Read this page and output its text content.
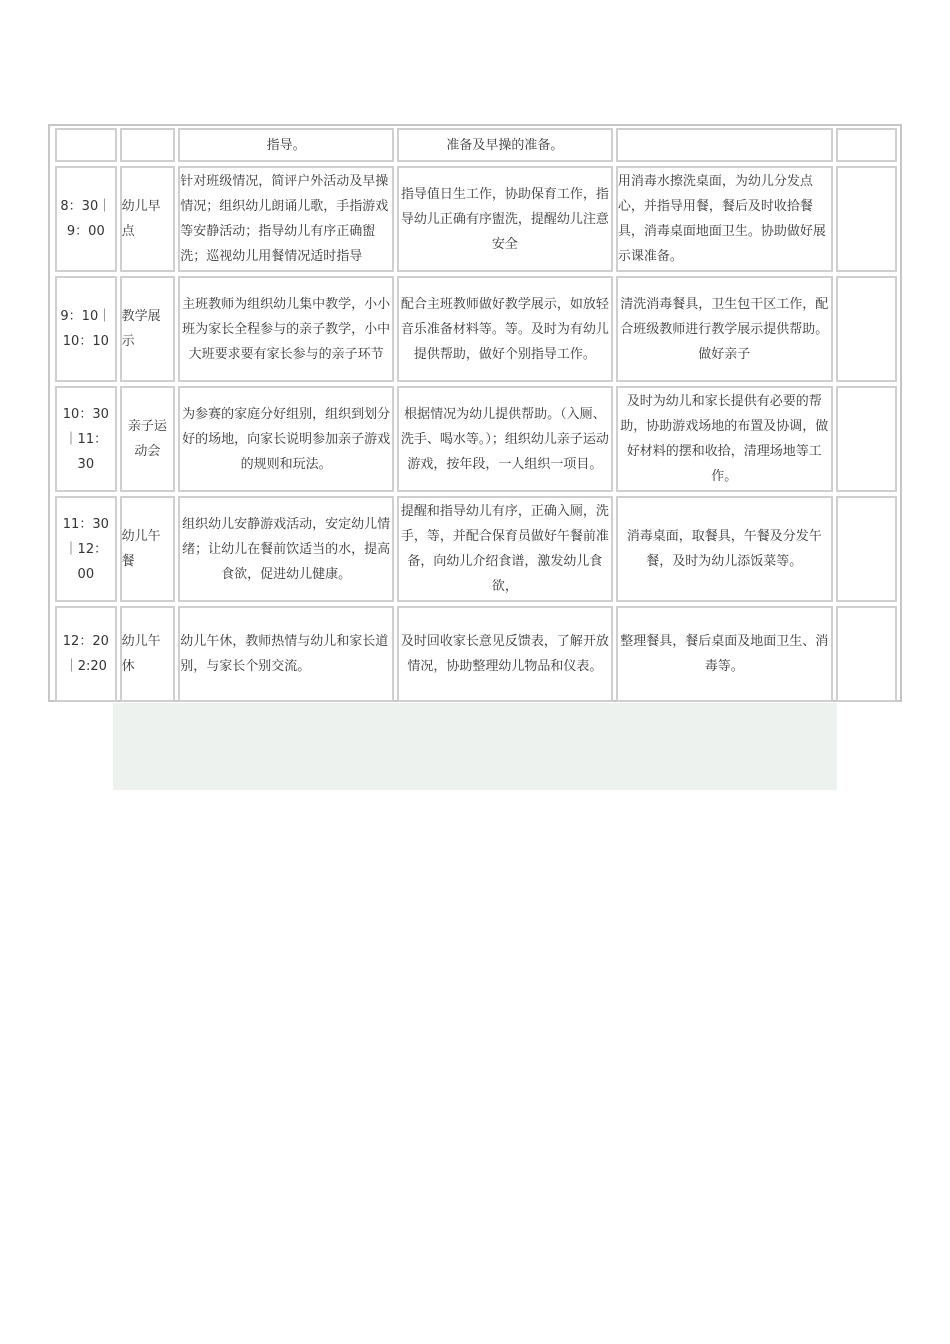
		指导。	准备及早操的准备。		

8：30｜9：00	幼儿早点	针对班级情况，简评户外活动及早操情况；组织幼儿朗诵儿歌，手指游戏等安静活动；指导幼儿有序正确盥洗；巡视幼儿用餐情况适时指导	指导值日生工作，协助保育工作，指导幼儿正确有序盥洗，提醒幼儿注意安全	用消毒水擦洗桌面，为幼儿分发点心，并指导用餐，餐后及时收拾餐具，消毒桌面地面卫生。协助做好展示课准备。	

9：10｜10：10	教学展示	主班教师为组织幼儿集中教学，小小班为家长全程参与的亲子教学，小中大班要求要有家长参与的亲子环节	配合主班教师做好教学展示，如放轻音乐准备材料等。等。及时为有幼儿提供帮助，做好个别指导工作。	清洗消毒餐具，卫生包干区工作，配合班级教师进行教学展示提供帮助。做好亲子	

10：30｜11：30	亲子运动会	为参赛的家庭分好组别，组织到划分好的场地，向家长说明参加亲子游戏的规则和玩法。	根据情况为幼儿提供帮助。（入厕、洗手、喝水等。）；组织幼儿亲子运动游戏，按年段，一人组织一项目。	及时为幼儿和家长提供有必要的帮助，协助游戏场地的布置及协调，做好材料的摆和收拾，清理场地等工作。	

11：30｜12：00	幼儿午餐	组织幼儿安静游戏活动，安定幼儿情绪；让幼儿在餐前饮适当的水，提高食欲，促进幼儿健康。	提醒和指导幼儿有序，正确入厕，洗手，等，并配合保育员做好午餐前准备，向幼儿介绍食谱，激发幼儿食欲，	消毒桌面，取餐具，午餐及分发午餐，及时为幼儿添饭菜等。	

12：20｜2:20	幼儿午休	幼儿午休，教师热情与幼儿和家长道别，与家长个别交流。	及时回收家长意见反馈表，了解开放情况，协助整理幼儿物品和仪表。	整理餐具，餐后桌面及地面卫生、消毒等。	
